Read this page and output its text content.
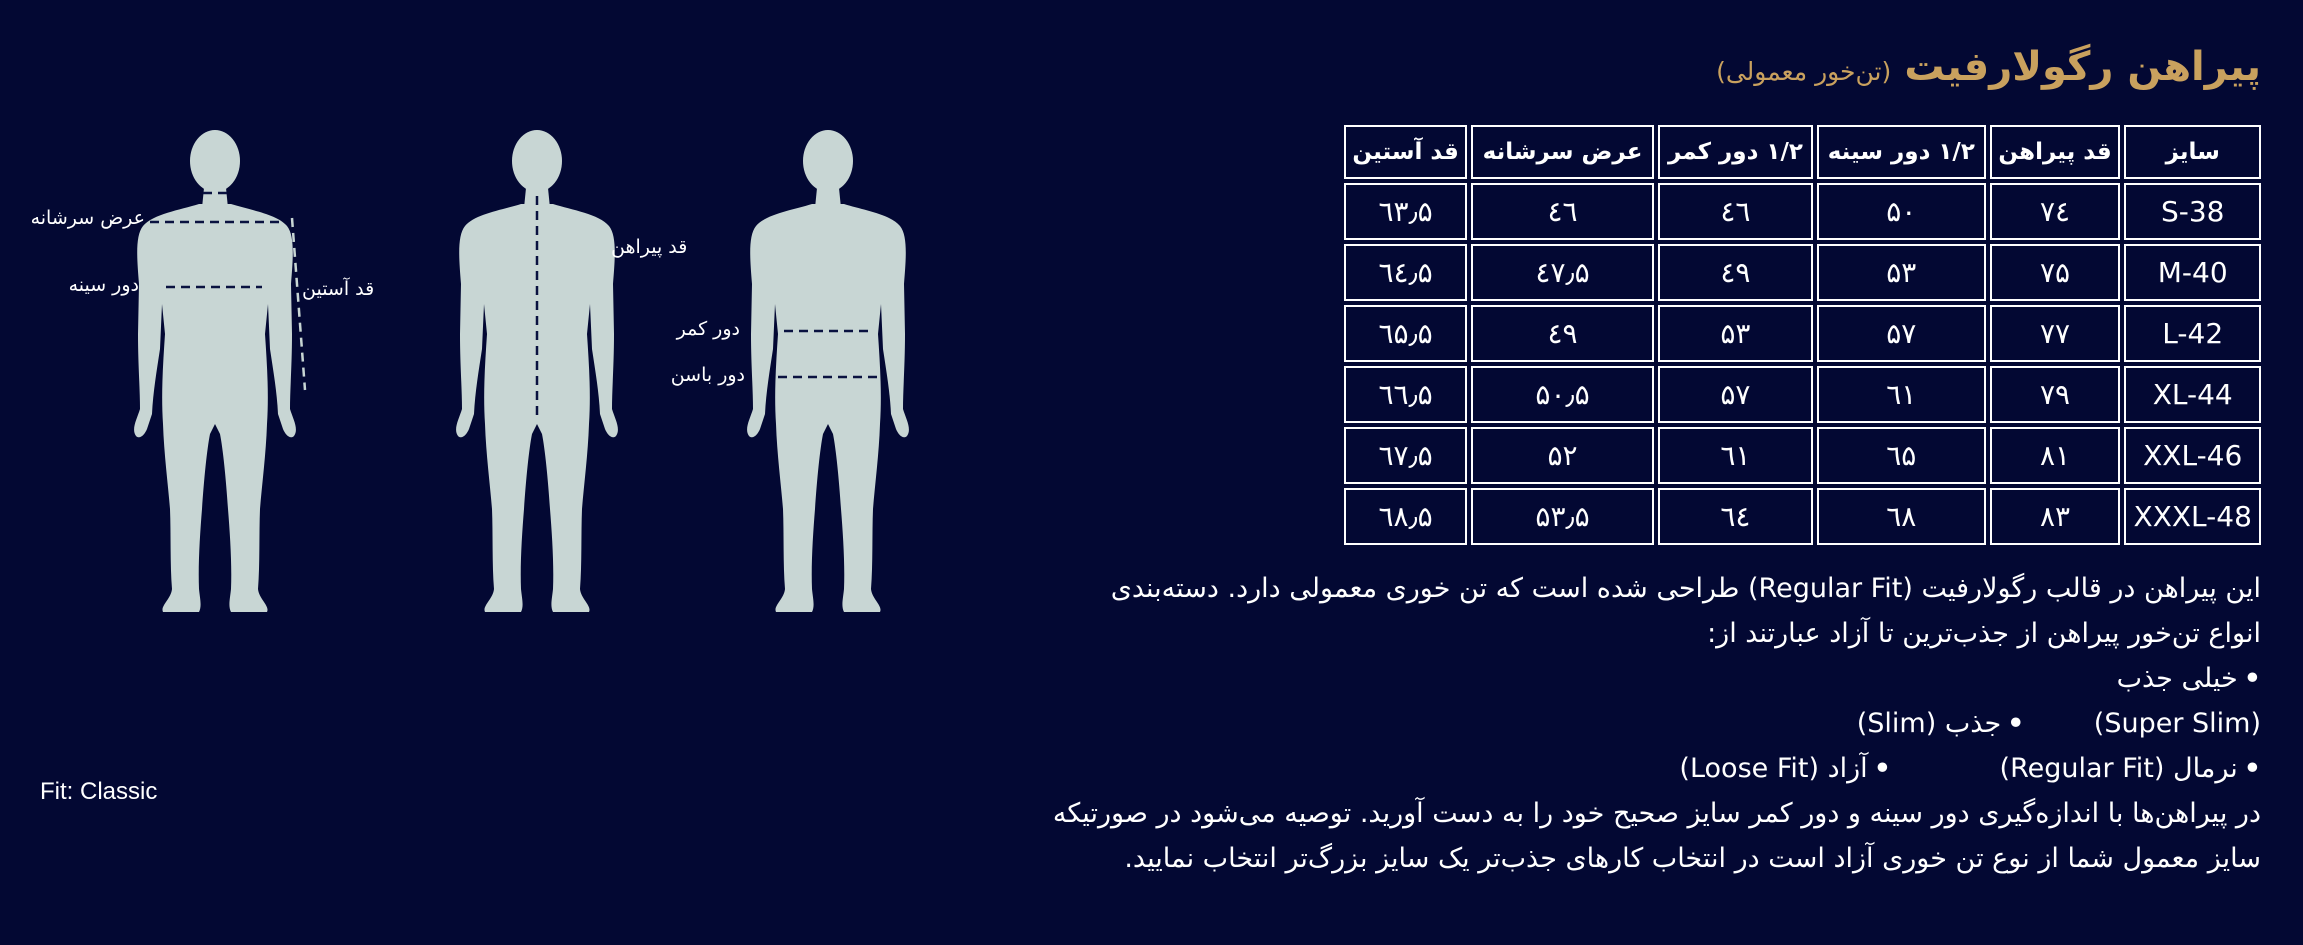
عرض سرشانه
دور سینه	قد آستین
قد پیراهن
دور کمر
دور باسن
Fit: Classic
پیراهن رگولارفیت (تن‌خور معمولی)
سایز	قد پیراهن	۱/۲ دور سینه	۱/۲ دور کمر	عرض سرشانه	قد آستین
S-38	۷٤	۵۰	٤٦	٤٦	٦٣٫۵
M-40	۷۵	۵۳	٤۹	٤۷٫۵	٦٤٫۵
L-42	۷۷	۵۷	۵۳	٤۹	٦۵٫۵
XL-44	۷۹	٦۱	۵۷	۵۰٫۵	٦٦٫۵
XXL-46	۸۱	٦۵	٦۱	۵۲	٦۷٫۵
XXXL-48	۸۳	٦۸	٦٤	۵۳٫۵	٦۸٫۵

این پیراهن در قالب رگولارفیت (Regular Fit) طراحی شده است که تن خوری معمولی دارد. دسته‌بندی

انواع تن‌خور پیراهن از جذب‌ترین تا آزاد عبارتند از:

•خیلی جذب (Super Slim) •جذب (Slim)

•نرمال (Regular Fit) •آزاد (Loose Fit)

در پیراهن‌ها با اندازه‌گیری دور سینه و دور کمر سایز صحیح خود را به دست آورید. توصیه می‌شود در صورتیکه

سایز معمول شما از نوع تن خوری آزاد است در انتخاب کارهای جذب‌تر یک سایز بزرگ‌تر انتخاب نمایید.
